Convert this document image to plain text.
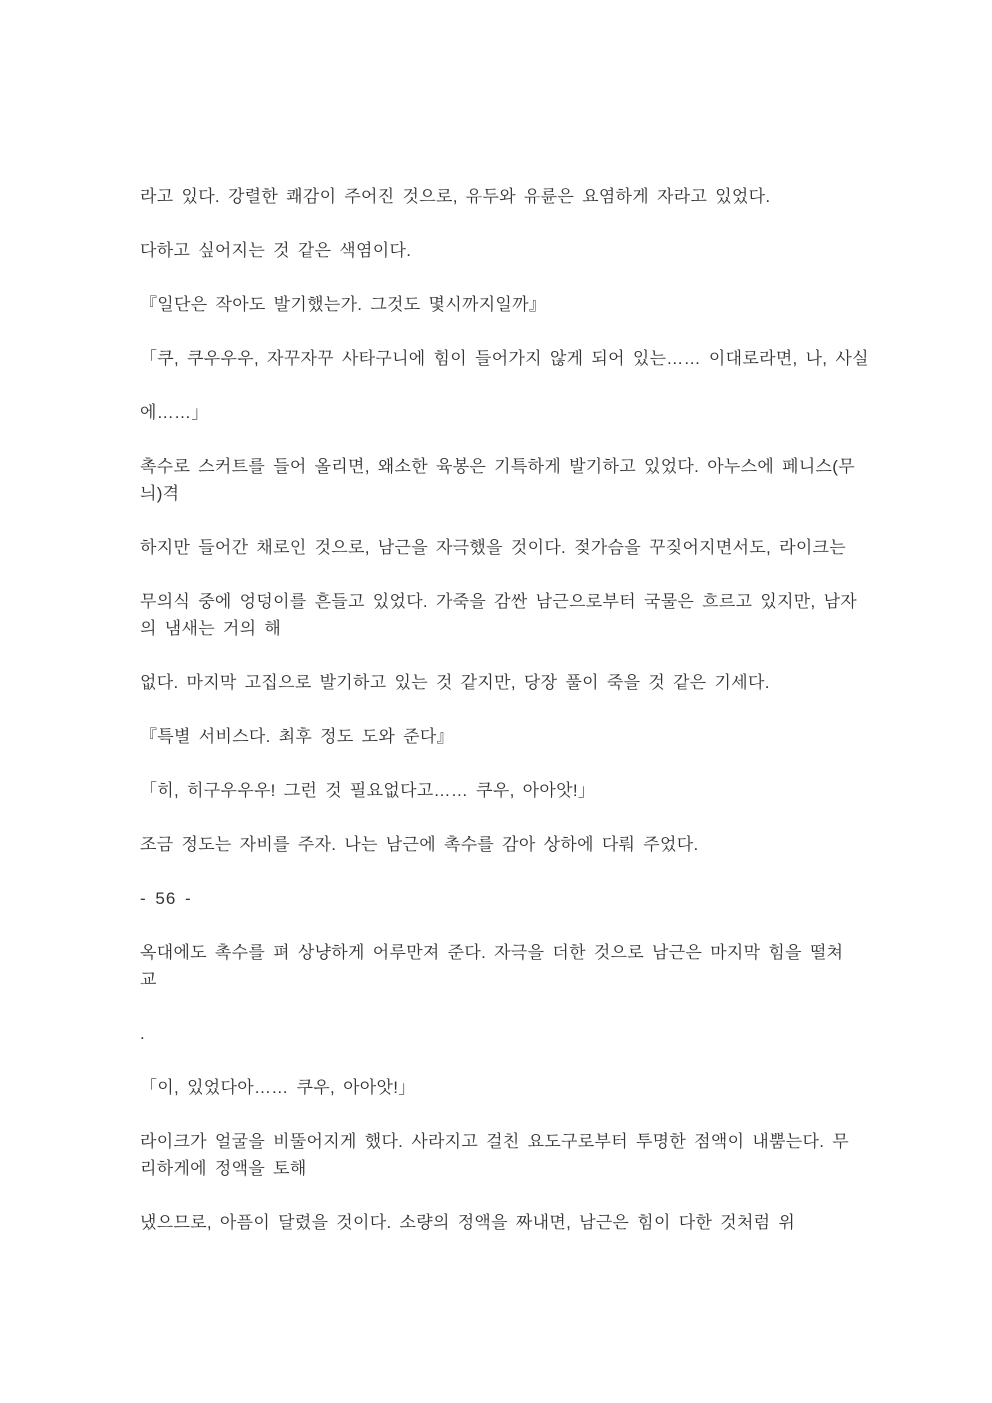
라고 있다. 강렬한 쾌감이 주어진 것으로, 유두와 유륜은 요염하게 자라고 있었다.

다하고 싶어지는 것 같은 색염이다.

『일단은 작아도 발기했는가. 그것도 몇시까지일까』

「쿠, 쿠우우우, 자꾸자꾸 사타구니에 힘이 들어가지 않게 되어 있는…… 이대로라면, 나, 사실

에……」

촉수로 스커트를 들어 올리면, 왜소한 육봉은 기특하게 발기하고 있었다. 아누스에 페니스(무
늬)격

하지만 들어간 채로인 것으로, 남근을 자극했을 것이다. 젖가슴을 꾸짖어지면서도, 라이크는

무의식 중에 엉덩이를 흔들고 있었다. 가죽을 감싼 남근으로부터 국물은 흐르고 있지만, 남자
의 냄새는 거의 해

없다. 마지막 고집으로 발기하고 있는 것 같지만, 당장 풀이 죽을 것 같은 기세다.

『특별 서비스다. 최후 정도 도와 준다』

「히, 히구우우우! 그런 것 필요없다고…… 쿠우, 아아앗!」

조금 정도는 자비를 주자. 나는 남근에 촉수를 감아 상하에 다뤄 주었다.

- 56 -

옥대에도 촉수를 펴 상냥하게 어루만져 준다. 자극을 더한 것으로 남근은 마지막 힘을 떨쳐
교

.

「이, 있었다아…… 쿠우, 아아앗!」

라이크가 얼굴을 비뚤어지게 했다. 사라지고 걸친 요도구로부터 투명한 점액이 내뿜는다. 무
리하게에 정액을 토해

냈으므로, 아픔이 달렸을 것이다. 소량의 정액을 짜내면, 남근은 힘이 다한 것처럼 위
